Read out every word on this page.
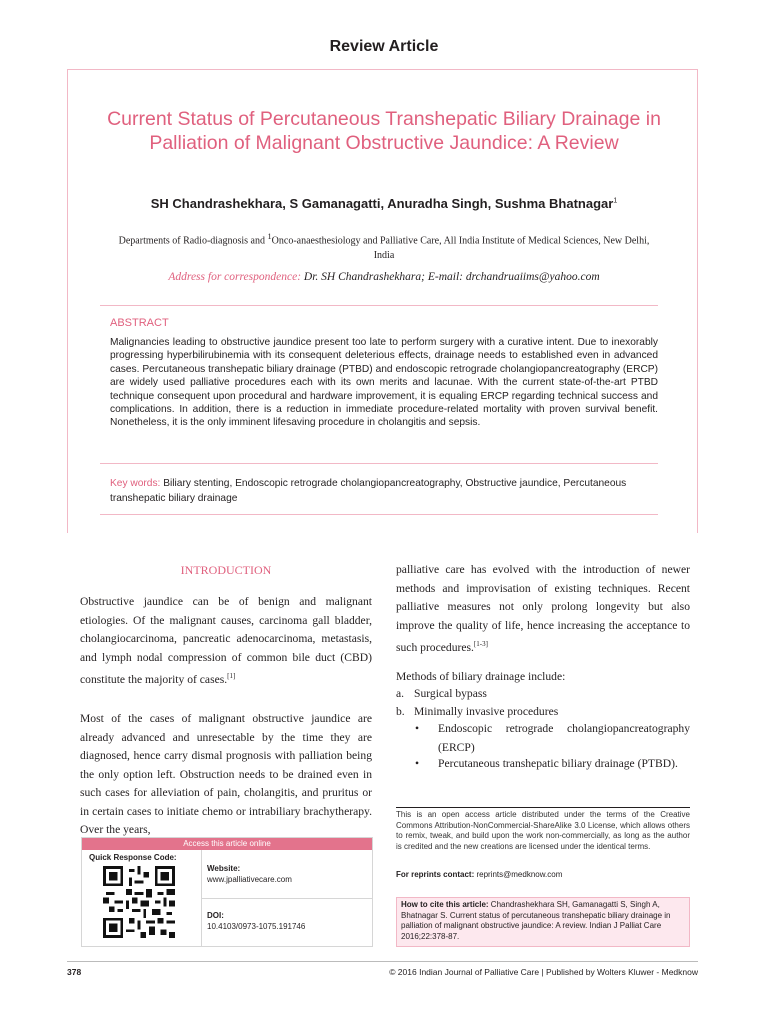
Review Article
Current Status of Percutaneous Transhepatic Biliary Drainage in Palliation of Malignant Obstructive Jaundice: A Review
SH Chandrashekhara, S Gamanagatti, Anuradha Singh, Sushma Bhatnagar$^1$
Departments of Radio-diagnosis and $^1$Onco-anaesthesiology and Palliative Care, All India Institute of Medical Sciences, New Delhi, India
Address for correspondence: Dr. SH Chandrashekhara; E-mail: drchandruaiims@yahoo.com
ABSTRACT
Malignancies leading to obstructive jaundice present too late to perform surgery with a curative intent. Due to inexorably progressing hyperbilirubinemia with its consequent deleterious effects, drainage needs to established even in advanced cases. Percutaneous transhepatic biliary drainage (PTBD) and endoscopic retrograde cholangiopancreatography (ERCP) are widely used palliative procedures each with its own merits and lacunae. With the current state-of-the-art PTBD technique consequent upon procedural and hardware improvement, it is equaling ERCP regarding technical success and complications. In addition, there is a reduction in immediate procedure-related mortality with proven survival benefit. Nonetheless, it is the only imminent lifesaving procedure in cholangitis and sepsis.
Key words: Biliary stenting, Endoscopic retrograde cholangiopancreatography, Obstructive jaundice, Percutaneous transhepatic biliary drainage
INTRODUCTION
Obstructive jaundice can be of benign and malignant etiologies. Of the malignant causes, carcinoma gall bladder, cholangiocarcinoma, pancreatic adenocarcinoma, metastasis, and lymph nodal compression of common bile duct (CBD) constitute the majority of cases.[1]
Most of the cases of malignant obstructive jaundice are already advanced and unresectable by the time they are diagnosed, hence carry dismal prognosis with palliation being the only option left. Obstruction needs to be drained even in such cases for alleviation of pain, cholangitis, and pruritus or in certain cases to initiate chemo or intrabiliary brachytherapy. Over the years,
palliative care has evolved with the introduction of newer methods and improvisation of existing techniques. Recent palliative measures not only prolong longevity but also improve the quality of life, hence increasing the acceptance to such procedures.[1-3]
Methods of biliary drainage include:
a. Surgical bypass
b. Minimally invasive procedures
• Endoscopic retrograde cholangiopancreatography (ERCP)
• Percutaneous transhepatic biliary drainage (PTBD).
Access this article online
Quick Response Code:
Website:
www.jpalliativecare.com
DOI:
10.4103/0973-1075.191746
This is an open access article distributed under the terms of the Creative Commons Attribution-NonCommercial-ShareAlike 3.0 License, which allows others to remix, tweak, and build upon the work non-commercially, as long as the author is credited and the new creations are licensed under the identical terms.
For reprints contact: reprints@medknow.com
How to cite this article: Chandrashekhara SH, Gamanagatti S, Singh A, Bhatnagar S. Current status of percutaneous transhepatic biliary drainage in palliation of malignant obstructive jaundice: A review. Indian J Palliat Care 2016;22:378-87.
378	© 2016 Indian Journal of Palliative Care | Published by Wolters Kluwer - Medknow
